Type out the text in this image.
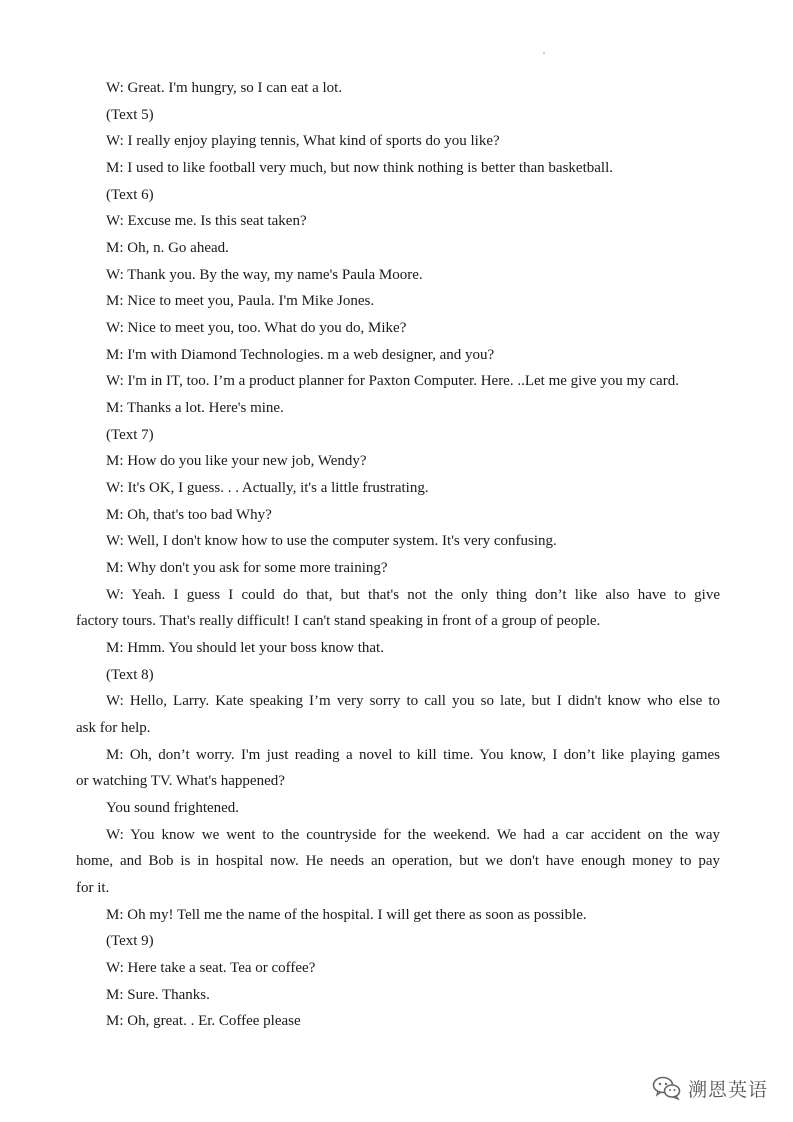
W: Great. I'm hungry, so I can eat a lot.
(Text 5)
W: I really enjoy playing tennis, What kind of sports do you like?
M: I used to like football very much, but now think nothing is better than basketball.
(Text 6)
W: Excuse me. Is this seat taken?
M: Oh, n. Go ahead.
W: Thank you. By the way, my name's Paula Moore.
M: Nice to meet you, Paula. I'm Mike Jones.
W: Nice to meet you, too. What do you do, Mike?
M: I'm with Diamond Technologies. m a web designer, and you?
W: I'm in IT, too. I’m a product planner for Paxton Computer. Here. ..Let me give you my card.
M: Thanks a lot. Here's mine.
(Text 7)
M: How do you like your new job, Wendy?
W: It's OK, I guess. . . Actually, it's a little frustrating.
M: Oh, that's too bad Why?
W: Well, I don't know how to use the computer system. It's very confusing.
M: Why don't you ask for some more training?
W: Yeah. I guess I could do that, but that's not the only thing don’t like also have to give
factory tours. That's really difficult! I can't stand speaking in front of a group of people.
M: Hmm. You should let your boss know that.
(Text 8)
W: Hello, Larry. Kate speaking I’m very sorry to call you so late, but I didn't know who else to
ask for help.
M: Oh, don’t worry. I'm just reading a novel to kill time. You know, I don’t like playing games
or watching TV. What's happened?
You sound frightened.
W: You know we went to the countryside for the weekend. We had a car accident on the way
home, and Bob is in hospital now. He needs an operation, but we don't have enough money to pay
for it.
M: Oh my! Tell me the name of the hospital. I will get there as soon as possible.
(Text 9)
W: Here take a seat. Tea or coffee?
M: Sure. Thanks.
M: Oh, great. . Er. Coffee please
溯恩英语
